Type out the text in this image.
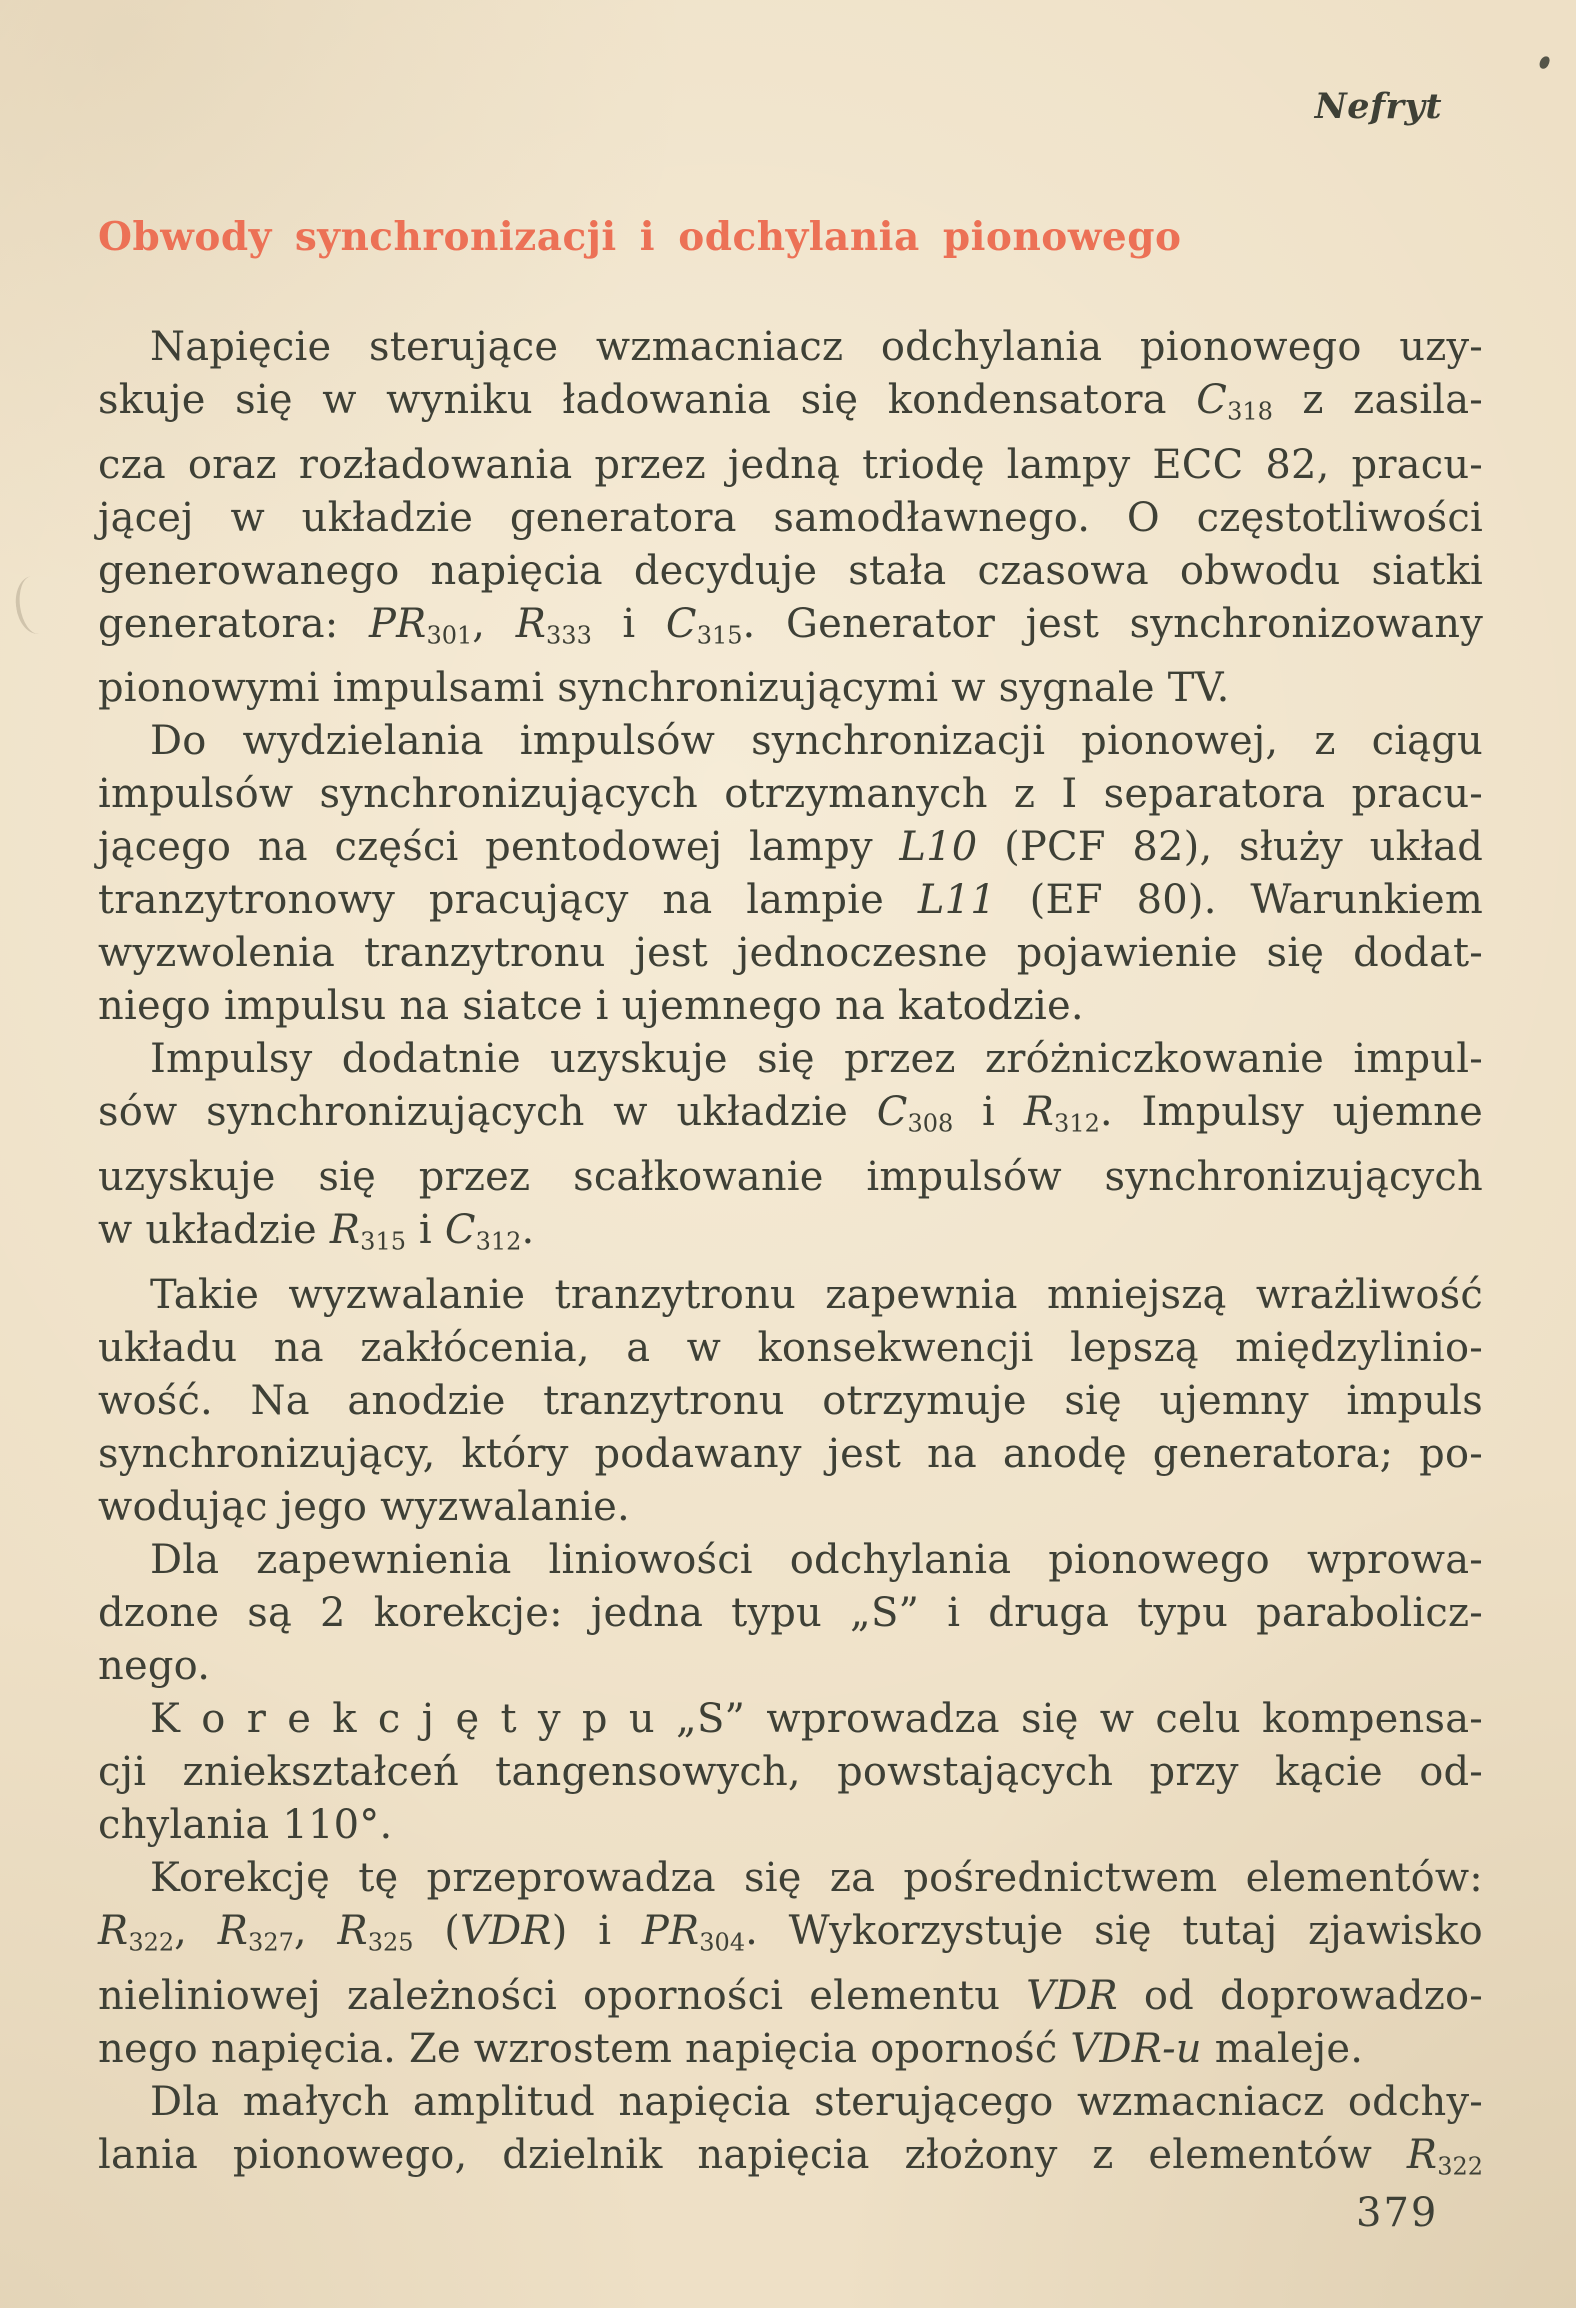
Nefryt
Obwody synchronizacji i odchylania pionowego
Napięcie sterujące wzmacniacz odchylania pionowego uzy-
skuje się w wyniku ładowania się kondensatora $C_{318}$ z zasila-
cza oraz rozładowania przez jedną triodę lampy ECC 82, pracu-
jącej w układzie generatora samodławnego. O częstotliwości
generowanego napięcia decyduje stała czasowa obwodu siatki
generatora: $PR_{301}$, $R_{333}$ i $C_{315}$. Generator jest synchronizowany
pionowymi impulsami synchronizującymi w sygnale TV.
Do wydzielania impulsów synchronizacji pionowej, z ciągu
impulsów synchronizujących otrzymanych z I separatora pracu-
jącego na części pentodowej lampy L10 (PCF 82), służy układ
tranzytronowy pracujący na lampie L11 (EF 80). Warunkiem
wyzwolenia tranzytronu jest jednoczesne pojawienie się dodat-
niego impulsu na siatce i ujemnego na katodzie.
Impulsy dodatnie uzyskuje się przez zróżniczkowanie impul-
sów synchronizujących w układzie $C_{308}$ i $R_{312}$. Impulsy ujemne
uzyskuje się przez scałkowanie impulsów synchronizujących
w układzie $R_{315}$ i $C_{312}$.
Takie wyzwalanie tranzytronu zapewnia mniejszą wrażliwość
układu na zakłócenia, a w konsekwencji lepszą międzylinio-
wość. Na anodzie tranzytronu otrzymuje się ujemny impuls
synchronizujący, który podawany jest na anodę generatora; po-
wodując jego wyzwalanie.
Dla zapewnienia liniowości odchylania pionowego wprowa-
dzone są 2 korekcje: jedna typu „S” i druga typu parabolicz-
nego.
K o r e k c j ę t y p u „S” wprowadza się w celu kompensa-
cji zniekształceń tangensowych, powstających przy kącie od-
chylania 110°.
Korekcję tę przeprowadza się za pośrednictwem elementów:
$R_{322}$, $R_{327}$, $R_{325}$ (VDR) i $PR_{304}$. Wykorzystuje się tutaj zjawisko
nieliniowej zależności oporności elementu VDR od doprowadzo-
nego napięcia. Ze wzrostem napięcia oporność VDR-u maleje.
Dla małych amplitud napięcia sterującego wzmacniacz odchy-
lania pionowego, dzielnik napięcia złożony z elementów $R_{322}$
379
